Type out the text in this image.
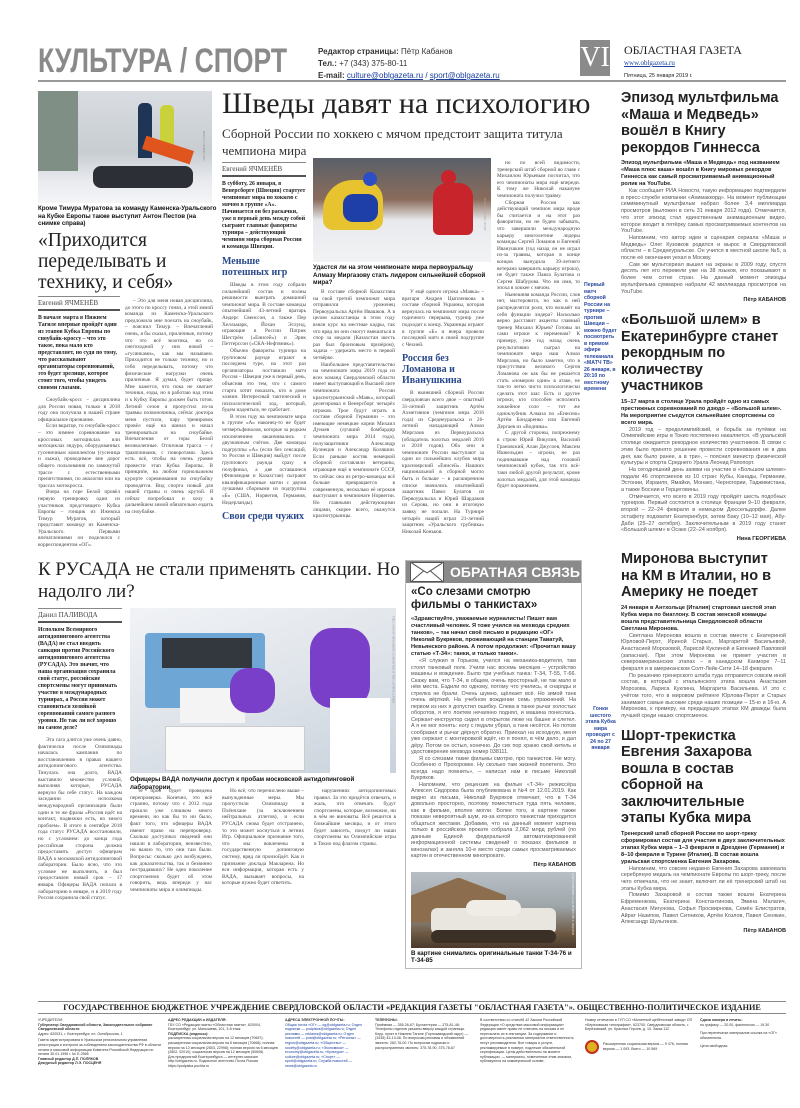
КУЛЬТУРА / СПОРТ	Редактор страницы: Пётр Кабанов
Тел.: +7 (343) 375-80-11
E-mail: culture@oblgazeta.ru / sport@oblgazeta.ru
VI ОБЛАСТНАЯ ГАЗЕТА
www.oblgazeta.ru
Пятница, 25 января 2019 г.
ПРЕСС-СЛУЖБА ОКС
Кроме Тимура Муратова за команду Каменска-Уральского на Кубке Европы также выступит Антон Пестов (на снимке справа)
«Приходится переделывать и технику, и себя»
Евгений ЯЧМЕНЁВ
В начале марта в Нижнем Тагиле впервые пройдёт один из этапов Кубка Европы по сноубайк-кроссу – что это такое, пока мало кто представляет, но судя по тому, что рассказывают организаторы соревнований, это будет зрелище, которое стоит того, чтобы увидеть своими глазами.

Сноубайк-кросс – дисциплина для России новая, только в 2018 году она получила в нашей стране официальное признание.

Если вкратце, то сноубайк-кросс – это зимнее соревнование на кроссовых мотоциклах или мотоциклах эндуро, оборудованных гусеничным комплектом (гусеница и лыжа), проводимое вне дорог общего пользования по замкнутой трассе с естественными препятствиями, по аналогии или на трассах мотокросса.

Вчера на горе Белой провёл первую тренировку один из участников предстоящего Кубка Европы – гонщик из Ижевска Тимур Муратов, который представит команду из Каменска-Уральского. Первыми впечатлениями он поделился с корреспондентом «ОГ».

– Это для меня новая дисциплина, до этого по кроссу гонял, а этой зимой команда из Каменска-Уральского предложила мне поехать на сноубайк, – пояснил Тимур. – Впечатлений очень, я бы сказал, приличные, потому что это всё экзотика, но со снегоходной у них новой – «гусянками», как мы называем. Приходится не только технику, но и себя переделывать, потому что физические нагрузки очень приличные. Я думал, будет проще. Мне кажется, что пока не хватает техники, езды, но я работаю над этим и к Кубку Европы должен быть готов. Летний сезон я пропустил из-за травмы позвоночника, сейчас доктора меня пустили, пару тренировок провёл ещё на шинах и начал тренироваться на сноубайке. Впечатления от горы Белой великолепные. Отличная трасса – с трамплинами, с поворотами. Здесь есть всё, чтобы на очень уровне провести этап Кубка Европы. В принципе, на любом горнолыжном курорте соревнования по сноубайку проводятся. Вид спорта новый для нашей страны и очень крутой. Я сейчас попробовал и хочу в дальнейшем зимой обязательно ездить на сноубайке.

Шведы давят на психологию
Сборной России по хоккею с мячом предстоит защита титула чемпиона мира
Евгений ЯЧМЕНЁВ
В субботу, 26 января, в Венерсборге (Швеция) стартует чемпионат мира по хоккею с мячом в группе «А». Начинается он без раскачки, уже в первый день между собой сыграют главные фавориты турнира – действующий чемпион мира сборная России и команда Швеции.
Меньше потешных игр

Шведы в этом году собрали сильнейший состав и полны решимости выиграть домашний чемпионат мира. В составе команды опытнейший 43-летний вратарь Андерс Свенссон, а также Пер Хелльмарк, Йохан Эслунд, играющие в России Патрик Шестрём («Енисей») и Эрик Петтерссон («СКА-Нефтяник»).

Обычно фавориты турнира на групповом раунде играют в последнем туре, на этот раз организаторы поставили матч Россия – Швеция уже в первый день, объясняя это тем, что с самого старта хотят показать, кто в доме хозяин. Интересный тактический и психологический ход, который, будем надеяться, не сработает.

В этом году на чемпионате мира в группе «А» наконец-то не будет четвертьфиналов, которые за редким исключением заканчивались с двузначным счётом. Две команды подгруппы «А» (если без сенсаций, то Россия и Швеция) выйдут после группового раунда сразу в полуфинал, а две оставшиеся (Финляндия и Казахстан) сыграют квалификационные матчи с двумя лучшими сборными из подгруппы «Б» (США, Норвегия, Германия, Нидерланды).

Свои среди чужих
ПРЕСС-СЛУЖБА ФХМР
Удастся ли на этом чемпионате мира первоуральцу Алмазу Миргазову стать лидером сильнейшей сборной мира?

В составе сборной Казахстана на свой третий чемпионат мира отправился уроженец Первоуральска Артём Ивашков. А в целом казахстанцы в этом году взяли курс на местные кадры, так что вряд ли они смогут вмешаться в спор за медали (Казахстан шесть раз был бронзовым призёром), задача – удержать место в первой четвёрке.

Наибольшее представительство на чемпионате мира 2019 года из всех команд Свердловской области имеет выступающий в Высшей лиге чемпионата России краснотурьинский «Маяк», который делегировал в Венерсборг четырёх игроков. Трое будут играть в составе сборной Германии – это имеющие немецкие корни Михаил Дунаев (лучший бомбардир чемпионата мира 2014 года), полузащитники Александр Кузнецов и Александр Коляшин. Если раньше костяк немецкой сборной составляли ветераны, играющие ещё в чемпионате СССР, то сейчас она из ретро-команды всё больше превращается в современную, несколько её игроков выступают в чемпионате Норвегии. Но главными действующими лицами, скорее всего, окажутся краснотурьинцы.

У ещё одного игрока «Маяка» – вратаря Андрея Цыпленкова в составе сборной Украины, которая вернулась на чемпионат мира после годичного перерыва, турнир уже подходит к концу. Украинцы играют в группе «Б» и вчера провели последний матч в своей подгруппе с Чехией.

Россия без Ломанова и Иванушкина

В нынешней сборной России свердловчан всего двое – опытный 31-летний защитник Артём Ахметзянов (чемпион мира 2016 года) из Среднеуральска и 26-летний нападающий Алмаз Миргазов из Первоуральска (обладатель золотых медалей 2016 и 2018 годов). Оба они в чемпионате России выступают за один из сильнейших клубов мира красноярский «Енисей». Нашних национальной в сборной могло быть и больше – в расширенном списке значились опытнейший защитник Павел Булатов из Первоуральска и Юрий Шардаков из Серова, но они в итоговую заявку не попали. На Турнире четырёх наций играл 21-летний защитник «Уральского трубника» Николай Коньков.

но по всей видимости, тренерский штаб сборной во главе с Михаилом Юрьевым посчитал, что его чемпионаты мира ещё впереди. К тому же Николай накануне чемпионата получил травму.

Сборная России как действующий чемпион мира вроде бы считается и на этот раз фаворитом, но не будем забывать, что завершили международную карьеру многолетние лидеры команды Сергей Ломанов и Евгений Иванушкин (год назад он не играл из-за травмы, которая в конце концов вынудила 39-летнего ветерана завершить карьеру игрока), не будет также Павла Булатова и Сергея Шабурова. Что ни имя, то эпоха в хоккее с мячом.

Нынешняя команда России, слов нет, мастеровита, но как в ней распределятся роли, кто возьмёт на себя функции лидера? Насколько верно расставит акценты главный тренер Михаил Юрьев? Готовы ли сами игроки к переменам? К примеру, уже год назад очень результативно сыграл на чемпионате мира наш Алмаз Миргазов, но было заметно, что в присутствии великого Сергея Ломанова он как бы не решается стать «номером один» в атаке, не так-то легко чисто психологически сделать этот шаг. Есть и другие игроки, кто способен исполнить хоккейное соло – тот же одноклубник Алмаза по «Енисею» Артём Бондаренко или Евгений Дергаев из «Водника».

С другой стороны, попрежнему в строю Юрий Викулин, Василий Грановский, Алан Джусоев, Максим Ишкельдин – игроки, не раз поднимавшие над головой чемпионский кубок, так что всё-таки любой другой результат, кроме золотых медалей, для этой команды будет поражением.

Первый матч сборной России на турнире – против Швеции – можно будет посмотреть в прямом эфире телеканала «МАТЧ ТВ» 26 января, в 20:10 по местному времени
К РУСАДА не стали применять санкции. Но надолго ли?
Данил ПАЛИВОДА
Исполком Всемирного антидопингового агентства (ВАДА) не стал вводить санкции против Российского антидопингового агентства (РУСАДА). Это значит, что наша организация сохранила свой статус, российские спортсмены могут принимать участие в международных турнирах, а Россия может становиться хозяйкой соревнований самого разного уровня. Но так ли всё хорошо на самом деле?

Эта сага длится уже очень давно, фактически после Олимпиады началась кампания по восстановлению в правах нашего антидопингового агентства. Тянулась она долго, ВАДА выставило множество условий, выполняя которые, РУСАДА вернуло бы себе статус. На каждом заседании исполкома международной организации были одни и те же фразы «Россия идёт на контакт, подвижки есть, но много проблем». В итоге в сентябре 2018 года статус РУСАДА восстановили, но с условием: до конца года российская сторона должна предоставить доступ офицерам ВАДА к московской антидопинговой лаборатории. Было ясно, что это условие не выполнить, и был предоставлен новый срок – 17 января. Офицеры ВАДА попали в лабораторию в январе, и в 2019 году Россия сохранила свой статус.

THE LONDON ORGANISING COMMITTEE OF THE OLYMPIC GAMES
Офицеры ВАДА получили доступ к пробам московской антидопинговой лаборатории

те проб будет проведена перепроверка. Конечно, это всё странно, потому что с 2012 года прошло уже слишком много времени, но как бы то ни было, факт того, что офицеры ВАДА имеют право на перепроверку. Сколько доступных сведений они нашли в лаборатории, неизвестно, но важно то, что они там были. Вопросы: сколько дел возбуждено, как доказательства, так и безвинно пострадавших? Не одно поколение спортсменов будет об этом говорить, ведь впереди у нас чемпионаты мира и олимпиады.

Но всё, что перечислено выше – вынужденные меры. Мы пропустили Олимпиаду в Пхёнчхане (за исключением нейтральных атлетов), и если РУСАДА снова будет отстранено, то это может коснуться и летних Игр. Официальное признание того, что мы вовлечены в государственную допинговую систему, вряд ли произойдёт. Как и признание доклада Макларена. Но вся информация, которая есть у ВАДА, вызывает вопросы, на которые нужно будет ответить.

нарушениях антидопинговых правил. За это придётся отвечать, и жаль, что отвечать будут спортсмены, которые, возможно, ни в чём не виноваты. Всё решится в ближайшие месяцы, и от этого будет зависеть, поедут ли наши спортсмены на Олимпийские игры в Токио под флагом страны.

ОБРАТНАЯ СВЯЗЬ
«Со слезами смотрю фильмы о танкистах»
«Здравствуйте, уважаемые журналисты! Пишет вам счастливый человек. Я тоже учился на мехвода средних танков», – так начал своё письмо в редакцию «ОГ» Николай Букряков, проживающий на станции Таватуй, Невьянского района. А потом продолжил: «Прочитал вашу статью «Т-34»: танки, и только танки».

«Я служил в Горьком, учился на механика-водителя, там стоял танковый полк. Учили нас восемь месяцев – устройство машины и вождение. Было три учебных танка: Т-34, Т-55, Т-66. Скажу вам, что Т-34, в общем, очень просторный, не так мало в нём места. Ездили по одному, потому что учились, и снаряды и стрелка не брали. Очень шумно, щёлкает всё. Но зимой танк очень вёрткий. На учебном вождении семь упражнений. На первом из них я допустил ошибку. Слева в танке рычаг холостых оборотов, я его локтем нечаянно поднял, и машина понеслась. Сержант-инструктор сидел в открытом люке на башне и слетел. А я не мог понять: ногу с педали убрал, а танк несётся. Но потом сообразил и рычаг дёрнул обратно. Приехал на исходную, меня уже сержант с монтировкой ждёт, но я понял, в чём дело, и дал дёру. Потом он остыл, конечно. До сих пор храню свой китель и удостоверение мехвода номер 038111.

Я со слезами такие фильмы смотрю, про танкистов. Не могу. Особенно о Прохоровке. Ну сколько там жизней полетело. Это всегда надо помнить», – написал нам в письме Николай Букряков.

Напомним, что рецензия на фильм «Т-34» режиссёра Алексея Сидорова была опубликована в №4 от 12.01.2019. Как видно из письма, Николай Букряков отмечает, что в Т-34 довольно просторно, поэтому поместиться туда пять человек, как в фильме, вполне могли. Более того, в картине также показан невероятный шум, из-за которого танкистам приходится общаться жестами. Добавим, что на данный момент картина только в российском прокате собрала 2,062 млрд рублей (по данным Единой федеральной автоматизированной информационной системы сведений о показах фильмов в кинозалах) и заняла 10-е место среди самых просматриваемых картин в отечественном кинопрокате.

Пётр КАБАНОВ
КАДР ИЗ ФИЛЬМА «Т-34», РЕЖИССЁР А. СИДОРОВ
В картине снимались оригинальные танки Т-34-76 и Т-34-85
Гонки шестого этапа Кубка мира проводят с 24 по 27 января
Эпизод мультфильма «Маша и Медведь» вошёл в Книгу рекордов Гиннесса
Эпизод мультфильма «Маша и Медведь» под названием «Маша плюс каша» вошёл в Книгу мировых рекордов Гиннесса как самый просматриваемый анимационный ролик на YouTube.

Как сообщает РИА Новости, такую информацию подтвердили в пресс-службе компании «Анимаккорд». На момент публикации семиминутный мультфильм набрал более 3,4 миллиарда просмотров (выложен в сеть 31 января 2012 года). Отмечается, что этот эпизод стал единственным анимационным видео, которое входит в пятёрку самых просматриваемых контентов на YouTube.

Напомним, что автор идеи и сценария сериала «Маша и Медведь» Олег Кузовков родился и вырос в Свердловской области – в Среднеуральске. Он учился в местной школе №5, а после её окончания уехал в Москву.

Сам же мультсериал вышел на экраны в 2009 году, спустя десять лет его перевели уже на 38 языков, его показывают в более чем сотне стран. На данный момент эпизоды мультфильма суммарно набрали 42 миллиарда просмотров на YouTube.

Пётр КАБАНОВ
«Большой шлем» в Екатеринбурге станет рекордным по количеству участников
15–17 марта в столице Урала пройдёт одно из самых престижных соревнований по дзюдо – «Большой шлем». На мероприятие съедутся сильнейшие спортсмены со всего мира.

2019 год – предолимпийский, и борьба за путёвки на Олимпийские игры в Токио постепенно накаляется. «В уральской столице ожидается рекордное количество участников. В связи с этим было принято решение провести соревнования не в два дня, как было ранее, а в три», – пояснил министр физической культуры и спорта Среднего Урала Леонид Рапопорт.

На сегодняшний день заявки на участие в «Большом шлеме» подали 46 спортсменов из 10 стран: Кубы, Канады, Германии, Эстонии, Израиля, Ямайки, Монако, Черногории, Таджикистана, а также Боснии и Герцеговины.

Отмечается, что всего в 2019 году пройдёт шесть подобных турниров. Первый состоится в столице Франции 9–10 февраля, второй – 22–24 февраля в немецком Дюссельдорфе. Далее эстафету подхватит Екатеринбург, затем Баку (10–12 мая), Абу-Даби (25–27 октября). Заключительным в 2019 году станет «Большой шлем» в Осаке (22–24 ноября).

Нина ГЕОРГИЕВА
Миронова выступит на КМ в Италии, но в Америку не поедет
24 января в Антхольце (Италия) стартовал шестой этап Кубка мира по биатлону. В состав женской команды вошла представительница Свердловской области Светлана Миронова.

Светлана Миронова вошла в состав вместе с Екатериной Юрловой-Перхт, Ириной Старых, Маргаритой Васильевой, Анастасией Морозовой, Ларисой Куклиной и Евгенией Павловой (запасная). При этом Миронова не примет участия в североамериканских этапах – в канадском Канморе 7–11 февраля и в американском Солт-Лейк-Сити 14–18 февраля.

По решению тренерского штаба туда отправится совсем иной состав, в который с итальянского этапа вошла Анастасия Морозова, Лариса Куклина, Маргарита Васильева. И это с учётом того, что в мировом рейтинге Юрлова-Перхт и Старых занимают самые высокие среди наших позиции – 15-ю и 16-ю. А Миронова, к примеру, на предыдущих этапах КМ дважды была лучшей среди наших спортсменок.

Шорт-трекистка Евгения Захарова вошла в состав сборной на заключительные этапы Кубка мира
Тренерский штаб сборной России по шорт-треку сформировал состав для участия в двух заключительных этапах Кубка мира – 1–3 февраля в Дрездене (Германия) и 8–10 февраля в Турине (Италия). В состав вошла уральская спортсменка Евгения Захарова.

Напомним, что совсем недавно Евгения Захарова завоевала серебряную медаль на чемпионате Европы по шорт-треку, после чего отмечала, что не знает, включит ли её тренерский штаб на этапы Кубка мира.

Помимо Захаровой в состав также вошли Екатерина Ефременкова, Екатерина Константинова, Эмина Малагич, Анастасия Мигунова, Софья Просвирнова, Семён Елистратов, Айрат Назипов, Павел Ситников, Артём Козлов, Павел Сенякин, Александр Шульгинов.

Пётр КАБАНОВ
ГОСУДАРСТВЕННОЕ БЮДЖЕТНОЕ УЧРЕЖДЕНИЕ СВЕРДЛОВСКОЙ ОБЛАСТИ «РЕДАКЦИЯ ГАЗЕТЫ "ОБЛАСТНАЯ ГАЗЕТА"». ОБЩЕСТВЕННО-ПОЛИТИЧЕСКОЕ ИЗДАНИЕ
УЧРЕДИТЕЛИ:
Губернатор Свердловской области, Законодательное собрание Свердловской области
Адрес: 620031, г. Екатеринбург, пл. Октябрьская, 1
Газета зарегистрирована в Уральском региональном управлении регистрации и контроля за соблюдением законодательства РФ в области печати и массовой информации Комитета Российской Федерации по печати 30.01.1996 г. № Е-2566
Главный редактор Д.П. ПОЛЯКОВ
Дежурный редактор Л.Э. ПОСЦЕНЯ
АДРЕС РЕДАКЦИИ и ИЗДАТЕЛЯ:
ГБУ СО «Редакция газеты «Областная газета», 620004, Екатеринбург, ул. Малышева, 101, 3-й этаж
ПОДПИСКА (индексы):
расширенная социальная версия на 12 месяцев (70667); расширенная социальная версия на 6 месяцев (70668); полная версия на 12 месяцев (2803, 22998); полная версия на 6 месяцев (2802, 02010); социальная версия на 12 месяцев (50608)
Для предприятий Екатеринбурга — интернет-магазин http://oblgazeta.ru. Подписное агентство Почта России https://podpiska.pochta.ru
АДРЕСА ЭЛЕКТРОННОЙ ПОЧТЫ:
Общая почта «ОГ» — og@oblgazeta.ru; Отдел подписки — podpiska@oblgazeta.ru; Отдел рекламы — reklama@oblgazeta.ru; Отдел новостей — post@oblgazeta.ru; «Регионы» — region@oblgazeta.ru; «Общество» — society@oblgazeta.ru; «Экономика» — economy@oblgazeta.ru; «Культура» — culture@oblgazeta.ru; «Спорт» — sport@oblgazeta.ru; Служба новостей — news@oblgazeta.ru
ТЕЛЕФОНЫ:
Приёмная — 355-26-67; Бухгалтерия — 375-81-48; Телефоны отделов указаны вверху каждой страницы. Корр. пункт в Нижнем Тагиле (Горнозаводский округ) — (3435) 43-13-08. По вопросам рекламы и объявлений звонить: 262-76-00. По вопросам подписки и распространения звонить: 375-78-90, 375-78-67
В соответствии со статьёй 42 Закона Российской Федерации «О средствах массовой информации» редакция имеет право не отвечать на письма и не пересылать их в инстанции. За содержание и достоверность рекламных материалов ответственность несут рекламодатели. Все товары и услуги, рекламируемые в номере, подлежат обязательной сертификации. Цены действительны на момент публикации. — материалы, помеченные этим значком, публикуются на коммерческой основе.
Номер отпечатан в ГУП СО «Монетный щебёночный завод» ОП «Березовская типография», 623700, Свердловская область, г. Берёзовский, ул. Красных Героев, д. 10. Заказ 112
Расширенная социальная версия — 9 476, полная версия — 1 093. Всего — 10 569
Сдача номера в печать:
по графику — 20.00, фактически — 19.30
При перепечатке материалов ссылка на «ОГ» обязательна.
Цена свободная.
